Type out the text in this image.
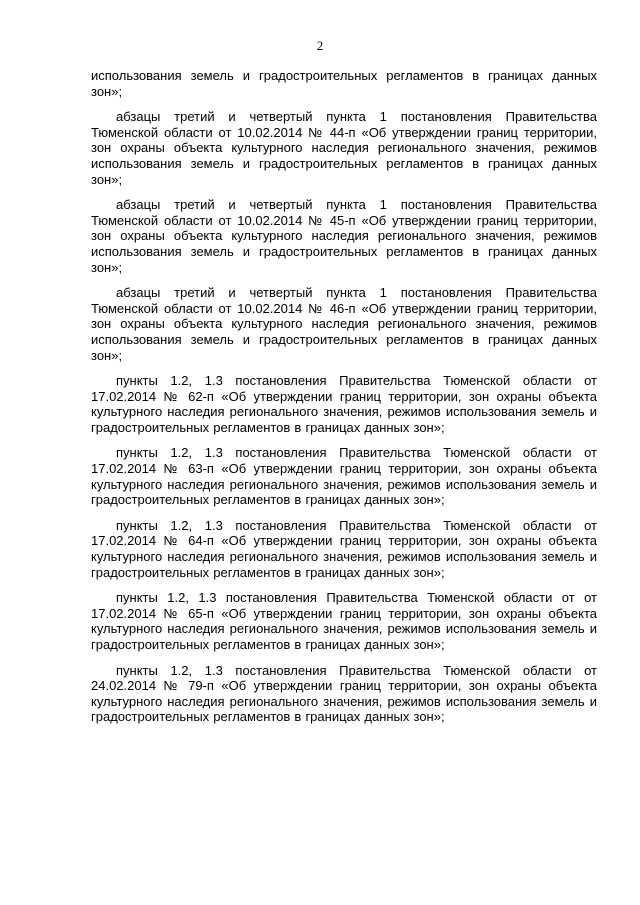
2

использования земель и градостроительных регламентов в границах данных зон»;

абзацы третий и четвертый пункта 1 постановления Правительства Тюменской области от 10.02.2014 № 44-п «Об утверждении границ территории, зон охраны объекта культурного наследия регионального значения, режимов использования земель и градостроительных регламентов в границах данных зон»;

абзацы третий и четвертый пункта 1 постановления Правительства Тюменской области от 10.02.2014 № 45-п «Об утверждении границ территории, зон охраны объекта культурного наследия регионального значения, режимов использования земель и градостроительных регламентов в границах данных зон»;

абзацы третий и четвертый пункта 1 постановления Правительства Тюменской области от 10.02.2014 № 46-п «Об утверждении границ территории, зон охраны объекта культурного наследия регионального значения, режимов использования земель и градостроительных регламентов в границах данных зон»;

пункты 1.2, 1.3 постановления Правительства Тюменской области от 17.02.2014 № 62-п «Об утверждении границ территории, зон охраны объекта культурного наследия регионального значения, режимов использования земель и градостроительных регламентов в границах данных зон»;

пункты 1.2, 1.3 постановления Правительства Тюменской области от 17.02.2014 № 63-п «Об утверждении границ территории, зон охраны объекта культурного наследия регионального значения, режимов использования земель и градостроительных регламентов в границах данных зон»;

пункты 1.2, 1.3 постановления Правительства Тюменской области от 17.02.2014 № 64-п «Об утверждении границ территории, зон охраны объекта культурного наследия регионального значения, режимов использования земель и градостроительных регламентов в границах данных зон»;

пункты 1.2, 1.3 постановления Правительства Тюменской области от от 17.02.2014 № 65-п «Об утверждении границ территории, зон охраны объекта культурного наследия регионального значения, режимов использования земель и градостроительных регламентов в границах данных зон»;

пункты 1.2, 1.3 постановления Правительства Тюменской области от 24.02.2014 № 79-п «Об утверждении границ территории, зон охраны объекта культурного наследия регионального значения, режимов использования земель и градостроительных регламентов в границах данных зон»;
